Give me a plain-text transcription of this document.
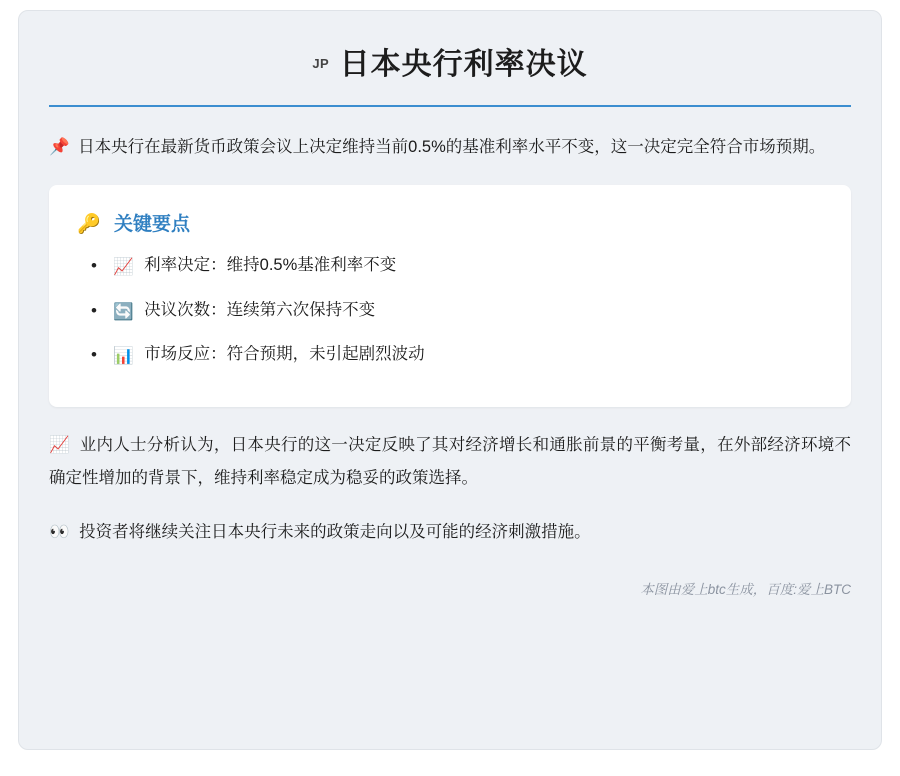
JP 日本央行利率决议

📌 日本央行在最新货币政策会议上决定维持当前0.5%的基准利率水平不变，这一决定完全符合市场预期。

🔑 关键要点
• 📈 利率决定：维持0.5%基准利率不变
• 🔄 决议次数：连续第六次保持不变
• 📊 市场反应：符合预期，未引起剧烈波动

📈 业内人士分析认为，日本央行的这一决定反映了其对经济增长和通胀前景的平衡考量，在外部经济环境不确定性增加的背景下，维持利率稳定成为稳妥的政策选择。

👀 投资者将继续关注日本央行未来的政策走向以及可能的经济刺激措施。

本图由爱上btc生成，百度:爱上BTC
